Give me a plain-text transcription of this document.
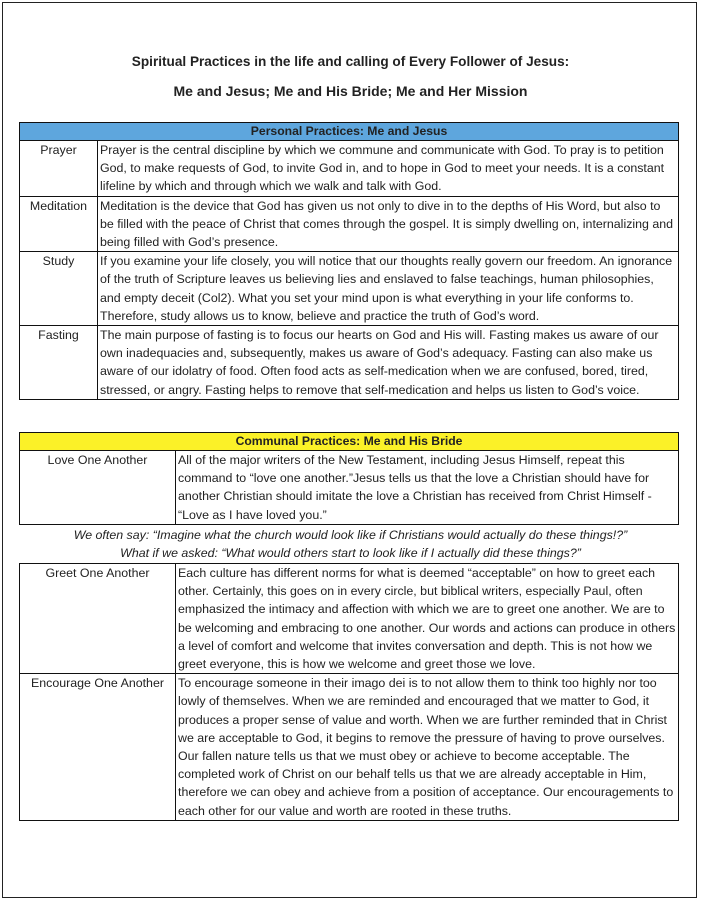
Spiritual Practices in the life and calling of Every Follower of Jesus:
Me and Jesus; Me and His Bride; Me and Her Mission
Personal Practices: Me and Jesus	
Prayer	Prayer is the central discipline by which we commune and communicate with God. To pray is to petition God, to make requests of God, to invite God in, and to hope in God to meet your needs. It is a constant lifeline by which and through which we walk and talk with God.
Meditation	Meditation is the device that God has given us not only to dive in to the depths of His Word, but also to be filled with the peace of Christ that comes through the gospel. It is simply dwelling on, internalizing and being filled with God’s presence.
Study	If you examine your life closely, you will notice that our thoughts really govern our freedom. An ignorance of the truth of Scripture leaves us believing lies and enslaved to false teachings, human philosophies, and empty deceit (Col2). What you set your mind upon is what everything in your life conforms to. Therefore, study allows us to know, believe and practice the truth of God’s word.
Fasting	The main purpose of fasting is to focus our hearts on God and His will. Fasting makes us aware of our own inadequacies and, subsequently, makes us aware of God’s adequacy. Fasting can also make us aware of our idolatry of food. Often food acts as self-medication when we are confused, bored, tired, stressed, or angry. Fasting helps to remove that self-medication and helps us listen to God’s voice.
Communal Practices: Me and His Bride
Love One Another	All of the major writers of the New Testament, including Jesus Himself, repeat this command to “love one another.”Jesus tells us that the love a Christian should have for another Christian should imitate the love a Christian has received from Christ Himself - “Love as I have loved you.”
We often say: “Imagine what the church would look like if Christians would actually do these things!?”
What if we asked: “What would others start to look like if I actually did these things?”
Greet One Another	Each culture has different norms for what is deemed “acceptable” on how to greet each other. Certainly, this goes on in every circle, but biblical writers, especially Paul, often emphasized the intimacy and affection with which we are to greet one another. We are to be welcoming and embracing to one another. Our words and actions can produce in others a level of comfort and welcome that invites conversation and depth. This is not how we greet everyone, this is how we welcome and greet those we love.
Encourage One Another	To encourage someone in their imago dei is to not allow them to think too highly nor too lowly of themselves. When we are reminded and encouraged that we matter to God, it produces a proper sense of value and worth. When we are further reminded that in Christ we are acceptable to God, it begins to remove the pressure of having to prove ourselves. Our fallen nature tells us that we must obey or achieve to become acceptable. The completed work of Christ on our behalf tells us that we are already acceptable in Him, therefore we can obey and achieve from a position of acceptance. Our encouragements to each other for our value and worth are rooted in these truths.
